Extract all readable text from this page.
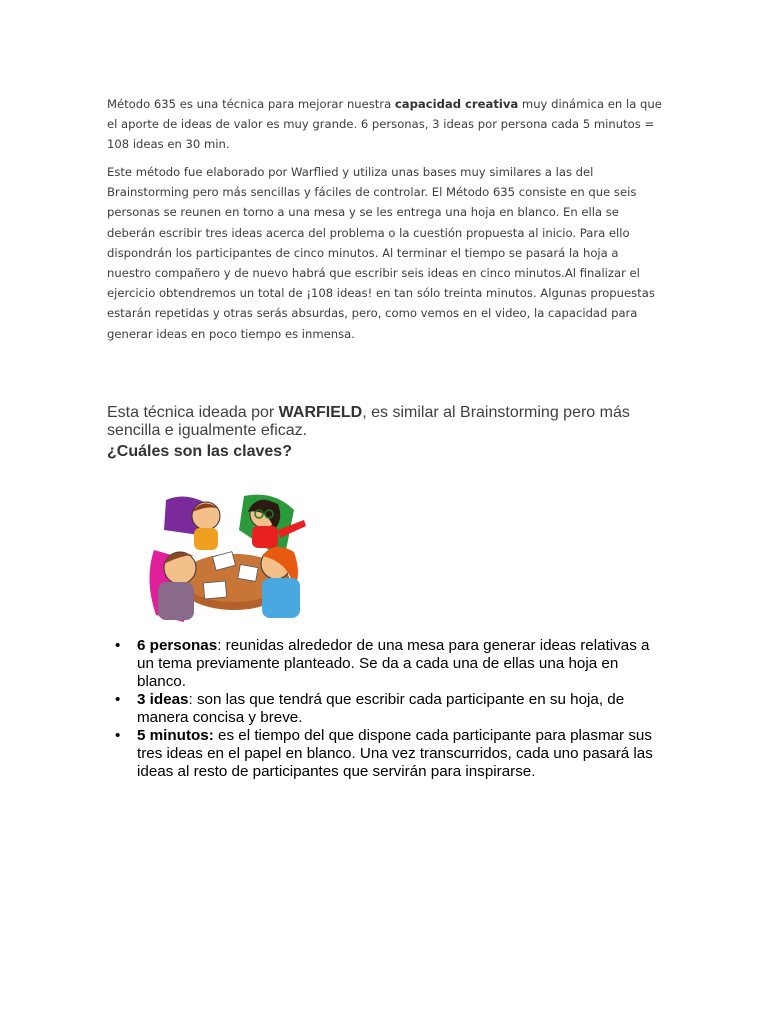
Método 635 es una técnica para mejorar nuestra capacidad creativa muy dinámica en la que el aporte de ideas de valor es muy grande. 6 personas, 3 ideas por persona cada 5 minutos = 108 ideas en 30 min.

Este método fue elaborado por Warflied y utiliza unas bases muy similares a las del Brainstorming pero más sencillas y fáciles de controlar. El Método 635 consiste en que seis personas se reunen en torno a una mesa y se les entrega una hoja en blanco. En ella se deberán escribir tres ideas acerca del problema o la cuestión propuesta al inicio. Para ello dispondrán los participantes de cinco minutos. Al terminar el tiempo se pasará la hoja a nuestro compañero y de nuevo habrá que escribir seis ideas en cinco minutos.Al finalizar el ejercicio obtendremos un total de ¡108 ideas! en tan sólo treinta minutos. Algunas propuestas estarán repetidas y otras serás absurdas, pero, como vemos en el video, la capacidad para generar ideas en poco tiempo es inmensa.

Esta técnica ideada por WARFIELD, es similar al Brainstorming pero más sencilla e igualmente eficaz.

¿Cuáles son las claves?

• 6 personas: reunidas alrededor de una mesa para generar ideas relativas a un tema previamente planteado. Se da a cada una de ellas una hoja en blanco.
• 3 ideas: son las que tendrá que escribir cada participante en su hoja, de manera concisa y breve.
• 5 minutos: es el tiempo del que dispone cada participante para plasmar sus tres ideas en el papel en blanco. Una vez transcurridos, cada uno pasará las ideas al resto de participantes que servirán para inspirarse.
